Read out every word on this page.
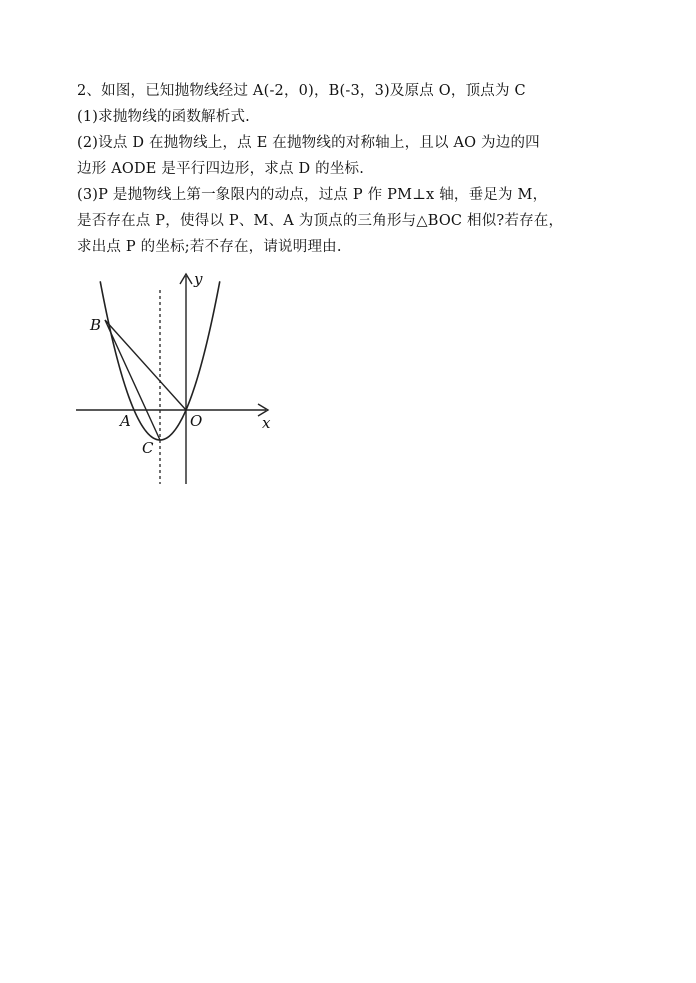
2、如图，已知抛物线经过 A(-2，0)，B(-3，3)及原点 O，顶点为 C
(1)求抛物线的函数解析式.
(2)设点 D 在抛物线上，点 E 在抛物线的对称轴上，且以 AO 为边的四
边形 AODE 是平行四边形，求点 D 的坐标.
(3)P 是抛物线上第一象限内的动点，过点 P 作 PM⊥x 轴，垂足为 M，
是否存在点 P，使得以 P、M、A 为顶点的三角形与△BOC 相似?若存在，
求出点 P 的坐标;若不存在，请说明理由.
y
x
B
A	O
C
